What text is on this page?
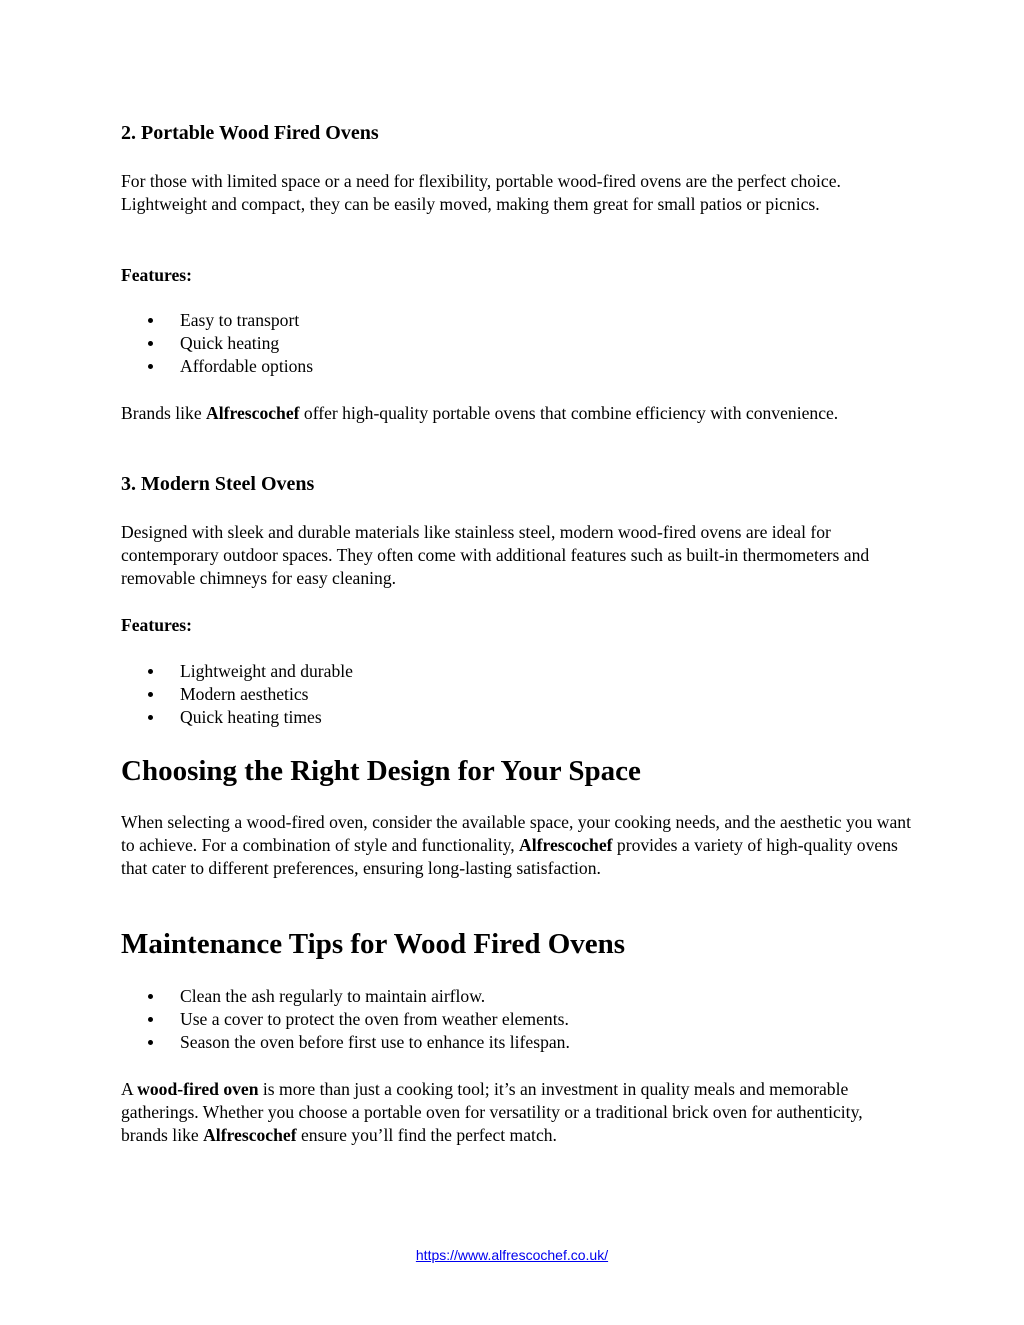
2. Portable Wood Fired Ovens

For those with limited space or a need for flexibility, portable wood-fired ovens are the perfect choice. Lightweight and compact, they can be easily moved, making them great for small patios or picnics.

Features:

Easy to transport
Quick heating
Affordable options

Brands like Alfrescochef offer high-quality portable ovens that combine efficiency with convenience.

3. Modern Steel Ovens

Designed with sleek and durable materials like stainless steel, modern wood-fired ovens are ideal for contemporary outdoor spaces. They often come with additional features such as built-in thermometers and removable chimneys for easy cleaning.

Features:

Lightweight and durable
Modern aesthetics
Quick heating times
Choosing the Right Design for Your Space

When selecting a wood-fired oven, consider the available space, your cooking needs, and the aesthetic you want to achieve. For a combination of style and functionality, Alfrescochef provides a variety of high-quality ovens that cater to different preferences, ensuring long-lasting satisfaction.

Maintenance Tips for Wood Fired Ovens
Clean the ash regularly to maintain airflow.
Use a cover to protect the oven from weather elements.
Season the oven before first use to enhance its lifespan.

A wood-fired oven is more than just a cooking tool; it’s an investment in quality meals and memorable gatherings. Whether you choose a portable oven for versatility or a traditional brick oven for authenticity, brands like Alfrescochef ensure you’ll find the perfect match.

https://www.alfrescochef.co.uk/
